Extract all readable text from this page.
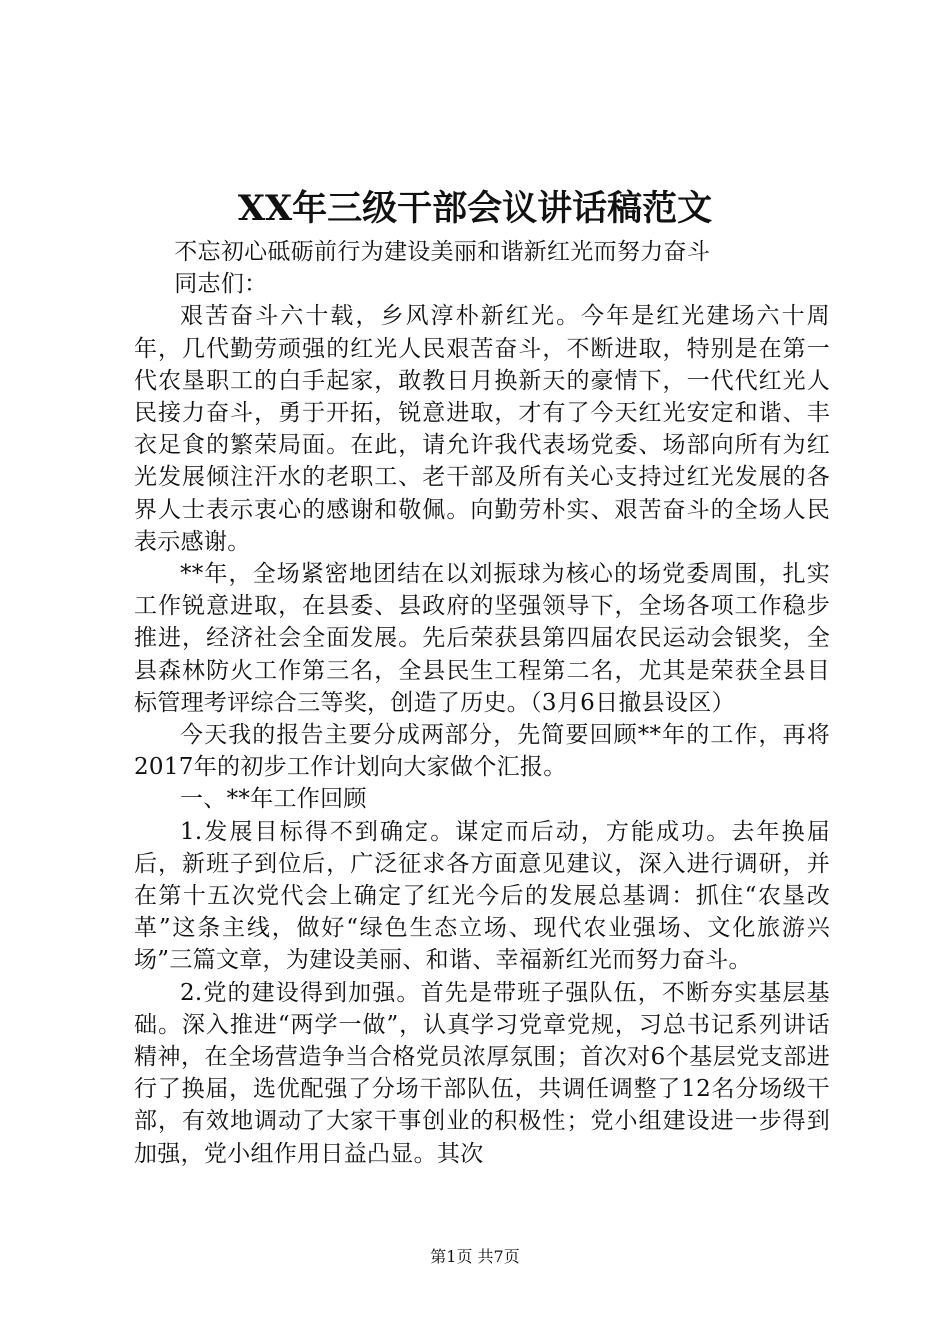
XX年三级干部会议讲话稿范文

不忘初心砥砺前行为建设美丽和谐新红光而努力奋斗

同志们：

艰苦奋斗六十载，乡风淳朴新红光。今年是红光建场六十周年，几代勤劳顽强的红光人民艰苦奋斗，不断进取，特别是在第一代农垦职工的白手起家，敢教日月换新天的豪情下，一代代红光人民接力奋斗，勇于开拓，锐意进取，才有了今天红光安定和谐、丰衣足食的繁荣局面。在此，请允许我代表场党委、场部向所有为红光发展倾注汗水的老职工、老干部及所有关心支持过红光发展的各界人士表示衷心的感谢和敬佩。向勤劳朴实、艰苦奋斗的全场人民表示感谢。

**年，全场紧密地团结在以刘振球为核心的场党委周围，扎实工作锐意进取，在县委、县政府的坚强领导下，全场各项工作稳步推进，经济社会全面发展。先后荣获县第四届农民运动会银奖，全县森林防火工作第三名，全县民生工程第二名，尤其是荣获全县目标管理考评综合三等奖，创造了历史。（3月6日撤县设区）

今天我的报告主要分成两部分，先简要回顾**年的工作，再将2017年的初步工作计划向大家做个汇报。

一、**年工作回顾

1.发展目标得不到确定。谋定而后动，方能成功。去年换届后，新班子到位后，广泛征求各方面意见建议，深入进行调研，并在第十五次党代会上确定了红光今后的发展总基调：抓住“农垦改革”这条主线，做好“绿色生态立场、现代农业强场、文化旅游兴场”三篇文章，为建设美丽、和谐、幸福新红光而努力奋斗。

2.党的建设得到加强。首先是带班子强队伍，不断夯实基层基础。深入推进“两学一做”，认真学习党章党规，习总书记系列讲话精神，在全场营造争当合格党员浓厚氛围；首次对6个基层党支部进行了换届，选优配强了分场干部队伍，共调任调整了12名分场级干部，有效地调动了大家干事创业的积极性；党小组建设进一步得到加强，党小组作用日益凸显。其次

第1页 共7页
